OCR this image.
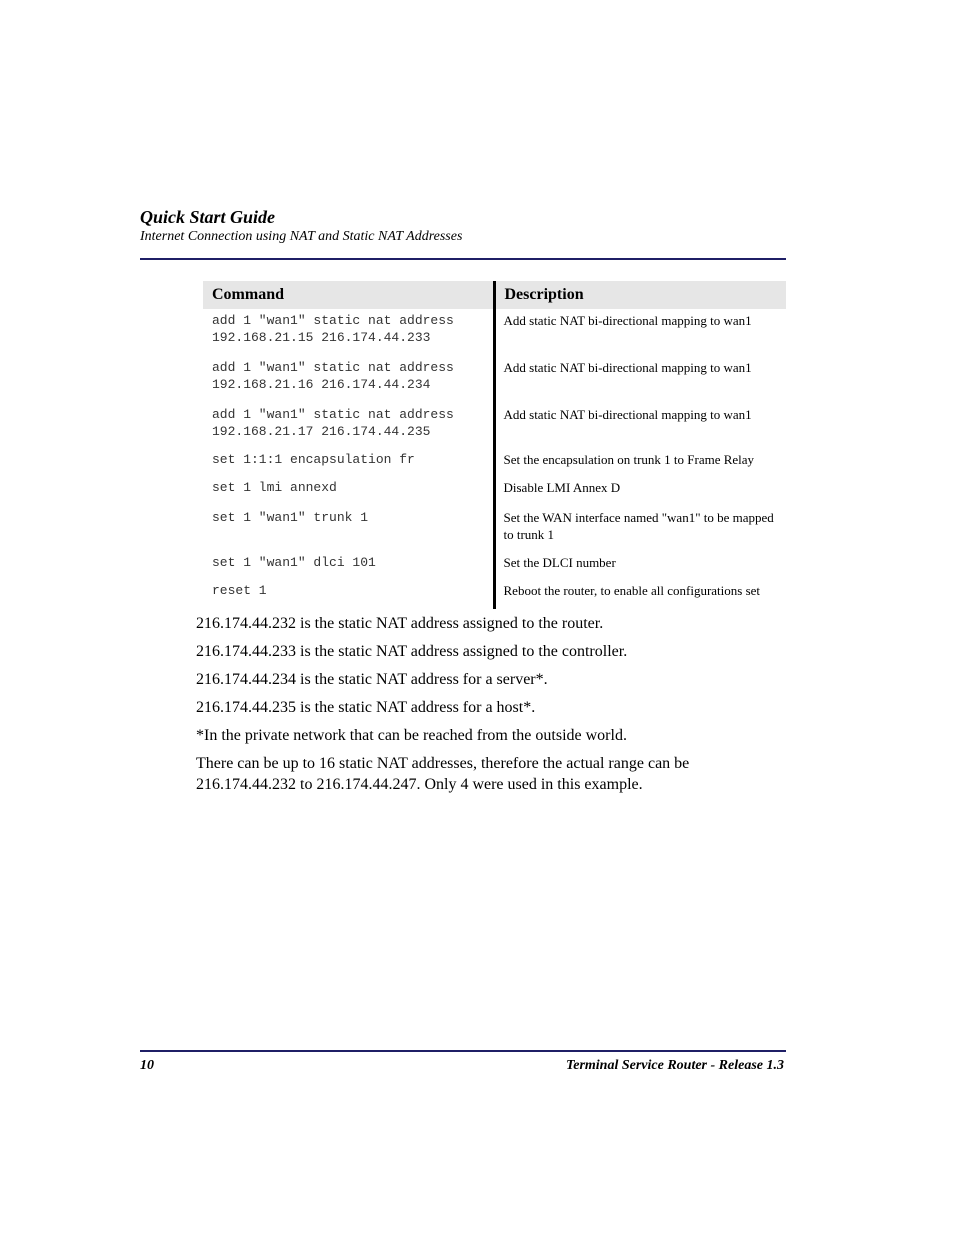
Quick Start Guide
Internet Connection using NAT and Static NAT Addresses
Command	Description
add 1 "wan1" static nat address
192.168.21.15 216.174.44.233	Add static NAT bi-directional mapping to wan1
add 1 "wan1" static nat address
192.168.21.16 216.174.44.234	Add static NAT bi-directional mapping to wan1
add 1 "wan1" static nat address
192.168.21.17 216.174.44.235	Add static NAT bi-directional mapping to wan1
set 1:1:1 encapsulation fr	Set the encapsulation on trunk 1 to Frame Relay
set 1 lmi annexd	Disable LMI Annex D
set 1 "wan1" trunk 1	Set the WAN interface named "wan1" to be mapped to trunk 1
set 1 "wan1" dlci 101	Set the DLCI number
reset 1	Reboot the router, to enable all configurations set

216.174.44.232 is the static NAT address assigned to the router.

216.174.44.233 is the static NAT address assigned to the controller.

216.174.44.234 is the static NAT address for a server*.

216.174.44.235 is the static NAT address for a host*.

*In the private network that can be reached from the outside world.

There can be up to 16 static NAT addresses, therefore the actual range can be 216.174.44.232 to 216.174.44.247. Only 4 were used in this example.

10	Terminal Service Router - Release 1.3
